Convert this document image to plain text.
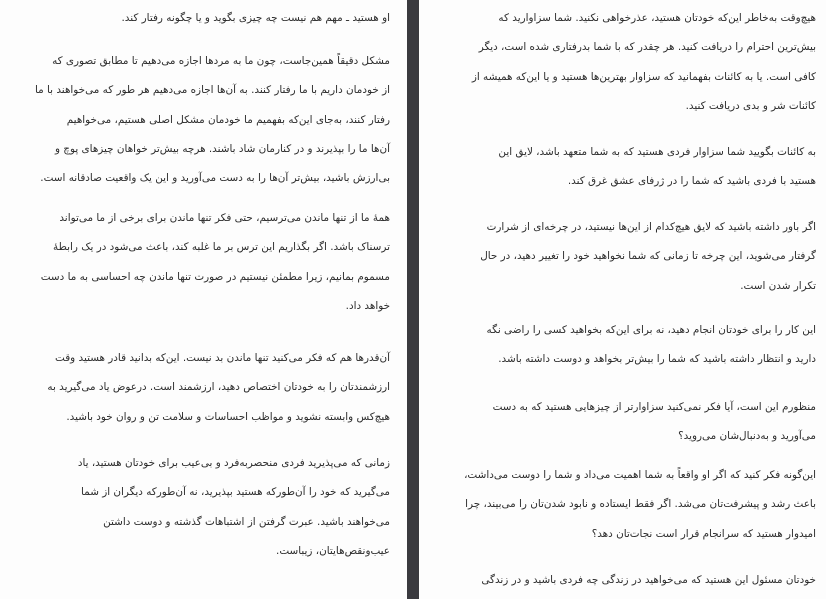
او هستید ـ مهم هم نیست چه چیزی بگوید و یا چگونه رفتار کند.
مشکل دقیقاً همین‌جاست، چون ما به مردها اجازه می‌دهیم تا مطابق تصوری که
از خودمان داریم با ما رفتار کنند. به آن‌ها اجازه می‌دهیم هر طور که می‌خواهند با ما
رفتار کنند، به‌جای این‌که بفهمیم ما خودمان مشکل اصلی هستیم، می‌خواهیم
آن‌ها ما را بپذیرند و در کنارمان شاد باشند. هرچه بیش‌تر خواهان چیزهای پوچ و
بی‌ارزش باشید، بیش‌تر آن‌ها را به دست می‌آورید و این یک واقعیت صادقانه است.
همهٔ ما از تنها ماندن می‌ترسیم، حتی فکر تنها ماندن برای برخی از ما می‌تواند
ترسناک باشد. اگر بگذاریم این ترس بر ما غلبه کند، باعث می‌شود در یک رابطهٔ
مسموم بمانیم، زیرا مطمئن نیستیم در صورت تنها ماندن چه احساسی به ما دست
خواهد داد.
آن‌قدرها هم که فکر می‌کنید تنها ماندن بد نیست. این‌که بدانید قادر هستید وقت
ارزشمندتان را به خودتان اختصاص دهید، ارزشمند است. درعوض یاد می‌گیرید به
هیچ‌کس وابسته نشوید و مواظب احساسات و سلامت تن و روان خود باشید.
زمانی که می‌پذیرید فردی منحصربه‌فرد و بی‌عیب برای خودتان هستید، یاد
می‌گیرید که خود را آن‌طورکه هستید بپذیرید، نه آن‌طورکه دیگران از شما
می‌خواهند باشید. عبرت گرفتن از اشتباهات گذشته و دوست داشتن
عیب‌ونقص‌هایتان، زیباست.
هیچ‌وقت به‌خاطر این‌که خودتان هستید، عذرخواهی نکنید. شما سزاوارید که
بیش‌ترین احترام را دریافت کنید. هر چقدر که با شما بدرفتاری شده است، دیگر
کافی است. یا به کائنات بفهمانید که سزاوار بهترین‌ها هستید و یا این‌که همیشه از
کائنات شر و بدی دریافت کنید.
به کائنات بگویید شما سزاوار فردی هستید که به شما متعهد باشد، لایق این
هستید با فردی باشید که شما را در ژرفای عشق غرق کند.
اگر باور داشته باشید که لایق هیچ‌کدام از این‌ها نیستید، در چرخه‌ای از شرارت
گرفتار می‌شوید، این چرخه تا زمانی که شما نخواهید خود را تغییر دهید، در حال
تکرار شدن است.
این کار را برای خودتان انجام دهید، نه برای این‌که بخواهید کسی را راضی نگه
دارید و انتظار داشته باشید که شما را بیش‌تر بخواهد و دوست داشته باشد.
منظورم این است، آیا فکر نمی‌کنید سزاوارتر از چیزهایی هستید که به دست
می‌آورید و به‌دنبال‌شان می‌روید؟
این‌گونه فکر کنید که اگر او واقعاً به شما اهمیت می‌داد و شما را دوست می‌داشت،
باعث رشد و پیشرفت‌تان می‌شد. اگر فقط ایستاده و نابود شدن‌تان را می‌بیند، چرا
امیدوار هستید که سرانجام قرار است نجات‌تان دهد؟
خودتان مسئول این هستید که می‌خواهید در زندگی چه فردی باشید و در زندگی
